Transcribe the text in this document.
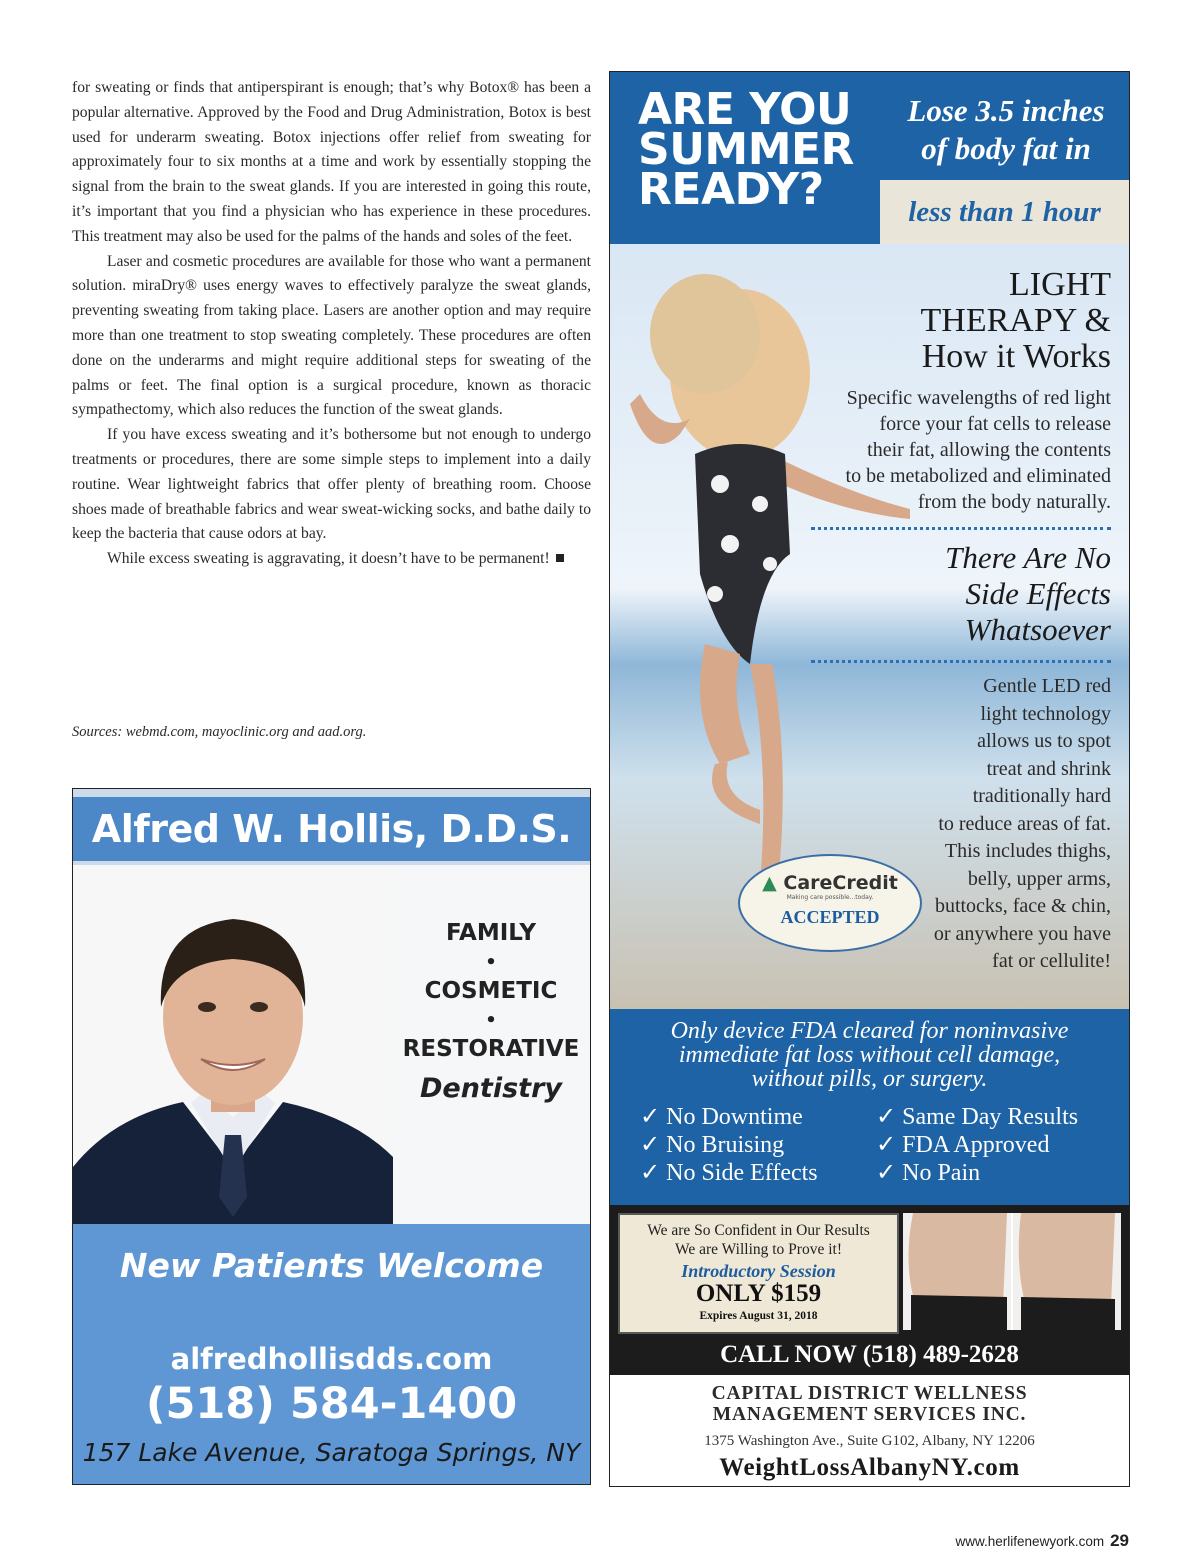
for sweating or finds that antiperspirant is enough; that’s why Botox® has been a popular alternative. Approved by the Food and Drug Administration, Botox is best used for underarm sweating. Botox injections offer relief from sweating for approximately four to six months at a time and work by essentially stopping the signal from the brain to the sweat glands. If you are interested in going this route, it’s important that you find a physician who has experience in these procedures. This treatment may also be used for the palms of the hands and soles of the feet.

Laser and cosmetic procedures are available for those who want a permanent solution. miraDry® uses energy waves to effectively paralyze the sweat glands, preventing sweating from taking place. Lasers are another option and may require more than one treatment to stop sweating completely. These procedures are often done on the underarms and might require additional steps for sweating of the palms or feet. The final option is a surgical procedure, known as thoracic sympathectomy, which also reduces the function of the sweat glands.

If you have excess sweating and it’s bothersome but not enough to undergo treatments or procedures, there are some simple steps to implement into a daily routine. Wear lightweight fabrics that offer plenty of breathing room. Choose shoes made of breathable fabrics and wear sweat-wicking socks, and bathe daily to keep the bacteria that cause odors at bay.

While excess sweating is aggravating, it doesn’t have to be permanent!

Sources: webmd.com, mayoclinic.org and aad.org.
Alfred W. Hollis, D.D.S.
FAMILY
•
COSMETIC
•
RESTORATIVE
Dentistry
New Patients Welcome
alfredhollisdds.com
(518) 584-1400
157 Lake Avenue, Saratoga Springs, NY
ARE YOU
SUMMER
READY?
Lose 3.5 inches
of body fat in
less than 1 hour
▲ CareCredit
Making care possible...today.
ACCEPTED
LIGHT
THERAPY &
How it Works
Specific wavelengths of red light
force your fat cells to release
their fat, allowing the contents
to be metabolized and eliminated
from the body naturally.
There Are No
Side Effects
Whatsoever
Gentle LED red
light technology
allows us to spot
treat and shrink
traditionally hard
to reduce areas of fat.
This includes thighs,
belly, upper arms,
buttocks, face & chin,
or anywhere you have
fat or cellulite!
Only device FDA cleared for noninvasive
immediate fat loss without cell damage,
without pills, or surgery.
✓ No Downtime
✓ No Bruising
✓ No Side Effects
✓ Same Day Results
✓ FDA Approved
✓ No Pain
We are So Confident in Our Results
We are Willing to Prove it!
Introductory Session
ONLY $159
Expires August 31, 2018
CALL NOW (518) 489-2628
CAPITAL DISTRICT WELLNESS
MANAGEMENT SERVICES INC.
1375 Washington Ave., Suite G102, Albany, NY 12206
WeightLossAlbanyNY.com
www.herlifenewyork.com 29
